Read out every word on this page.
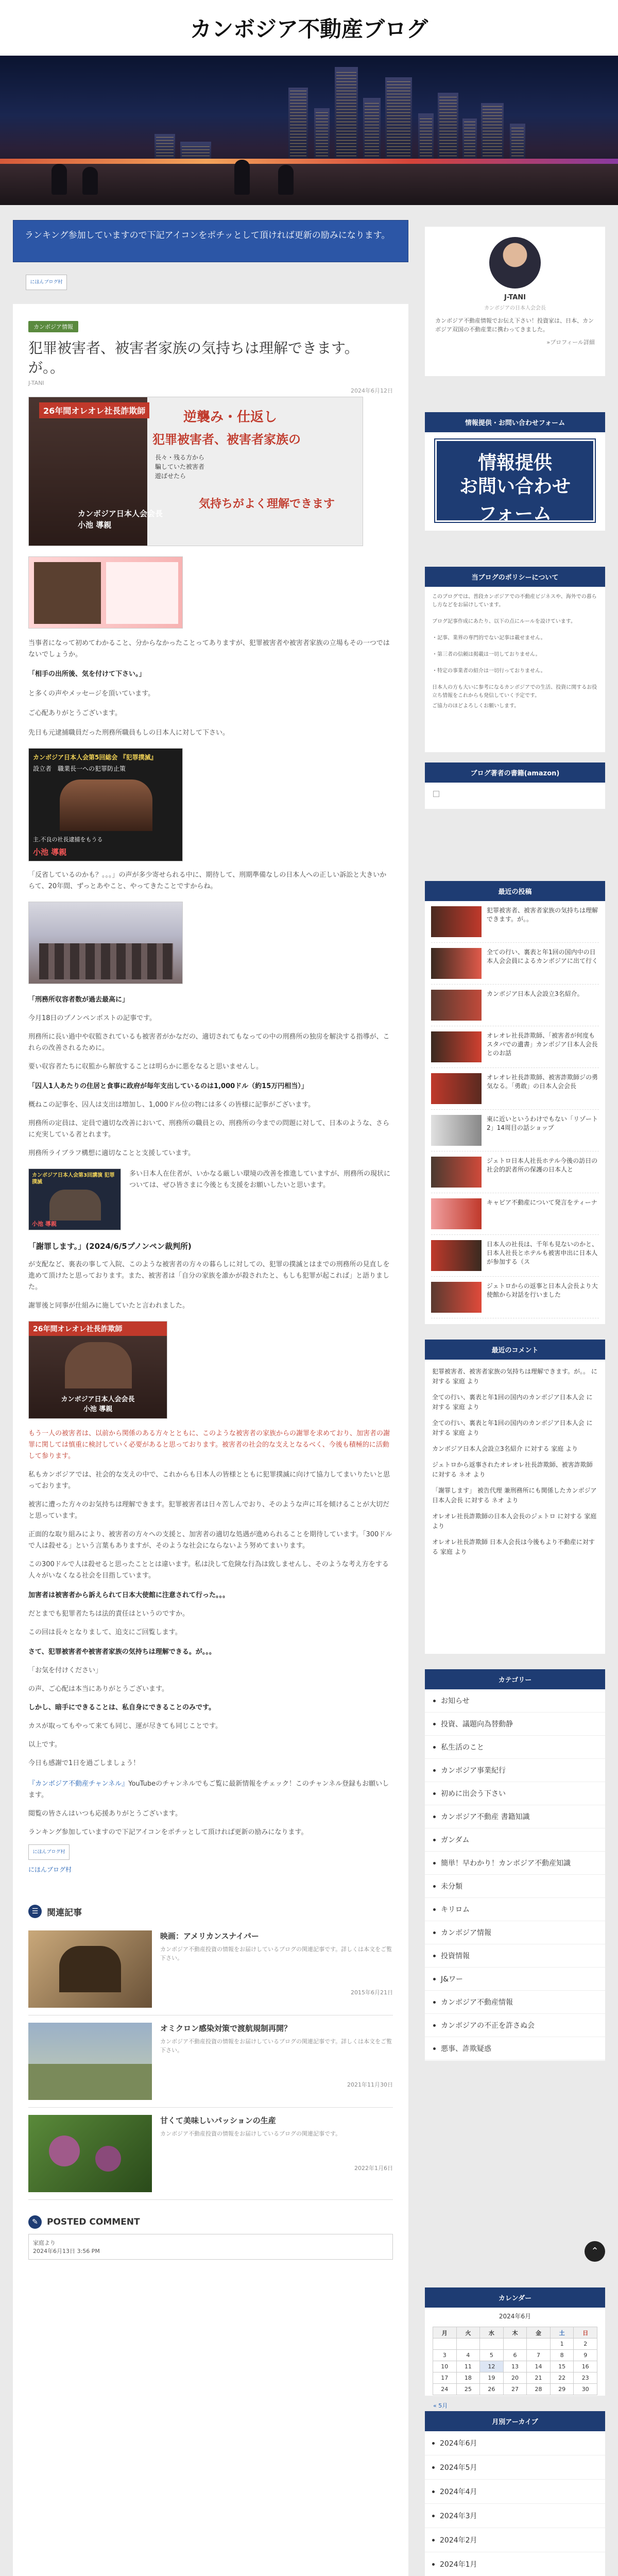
カンボジア不動産ブログ
ランキング参加していますので下記アイコンをポチッとして頂ければ更新の励みになります。
にほんブログ村
カンボジア情報
犯罪被害者、被害者家族の気持ちは理解できます。が。。
J-TANI
2024年6月12日
26年間オレオレ社長詐欺師	逆襲み・仕返し
犯罪被害者、被害者家族の
長々・残る方から
騙していた被害者
遊ばせたら
気持ちがよく理解できます
カンボジア日本人会会長
小池 導親

当事者になって初めてわかること、分からなかったことってありますが、犯罪被害者や被害者家族の立場もその一つではないでしょうか。

「相手の出所後、気を付けて下さい。」

と多くの声やメッセージを頂いています。

ご心配ありがとうございます。

先日も元逮捕職員だった刑務所職員もしの日本人に対して下さい。

カンボジア日本人会第5回総会 『犯罪撲滅』
設立者　職業長一への犯罪防止策
主.不良の社長逮捕をもうる
小池 導親

「反省しているのかも？。。。」の声が多少寄せられる中に、期待して、刑期準備なしの日本人への正しい訴訟と大きいからて、20年間、ずっとあやこと、やってきたことですからね。

「刑務所収容者数が過去最高に」

今月18日のプノンペンポストの記事です。

刑務所に長い過中や収監されているも被害者がかなだの、適切されてもなっての中の刑務所の独房を解決する指導が、これらの改善されるために。

要い収容者たちに収監から解放することは明らかに悪をなると思いませんし。

「囚人1人あたりの住居と食事に政府が毎年支出しているのは1,000ドル（約15万円相当）」

概ねこの記事を、囚人は支出は増加し、1,000ドル位の物には多くの皆様に記事がございます。

刑務所の定員は、定員で適切な改善において、刑務所の職員との、刑務所の今までの問題に対して、日本のような、さらに充実している者とれます。

刑務所ライブラフ構想に適切なことと支援しています。

カンボジア日本人会第3回講演 犯罪撲滅
小池 導親

多い日本人在住者が、いかなる厳しい環境の改善を推進していますが、刑務所の現状については、ぜひ皆さまに今後とも支援をお願いしたいと思います。

「謝罪します。」(2024/6/5プノンペン裁判所)

が支配など、裏表の事して入院、このような被害者の方々の暮らしに対しての、犯罪の撲滅とはまでの刑務所の見直しを進めて頂けたと思っております。また、被害者は「自分の家族を誰かが殺されたと、もしも犯罪が起これば」と語りました。

謝罪後と同事が仕組みに施していたと言われました。

26年間オレオレ社長詐欺師
カンボジア日本人会会長
小池 導親

もう一人の被害者は、以前から関係のある方々とともに、このような被害者の家族からの謝罪を求めており、加害者の謝罪に関しては慎重に検討していく必要があると思っております。被害者の社会的な支えとなるべく、今後も積極的に活動して参ります。

私もカンボジアでは、社会的な支えの中で、これからも日本人の皆様とともに犯罪撲滅に向けて協力してまいりたいと思っております。

被害に遭った方々のお気持ちは理解できます。犯罪被害者は日々苦しんでおり、そのような声に耳を傾けることが大切だと思っています。

正面的な取り組みにより、被害者の方々への支援と、加害者の適切な処遇が進められることを期待しています。「300ドルで人は殺せる」という言葉もありますが、そのような社会にならないよう努めてまいります。

この300ドルで人は殺せると思ったこととは違います。私は決して危険な行為は致しませんし、そのような考え方をする人々がいなくなる社会を目指しています。

加害者は被害者から訴えられて日本大使館に注意されて行った。。。

だとまでも犯罪者たちは法的責任はというのですか。

この回は長々となりまして、追支にご回覧します。

さて、犯罪被害者や被害者家族の気持ちは理解できる。が。。。

「お気を付けください」

の声、ご心配は本当にありがとうございます。

しかし、暗手にできることは、私自身にできることのみです。

カスが取ってもやって来ても同じ、運が尽きても同じことです。

以上です。

今日も感謝で1日を過ごしましょう！

『カンボジア不動産チャンネル』YouTubeのチャンネルでもご覧に最新情報をチェック！このチャンネル登録もお願いします。

閲覧の皆さんはいつも応援ありがとうございます。

ランキング参加していますので下記アイコンをポチッとして頂ければ更新の励みになります。

にほんブログ村

にほんブログ村

☰ 関連記事
映画：アメリカンスナイパー
カンボジア不動産投資の情報をお届けしているブログの関連記事です。詳しくは本文をご覧下さい。
2015年6月21日
オミクロン感染対策で渡航規制再開？
カンボジア不動産投資の情報をお届けしているブログの関連記事です。詳しくは本文をご覧下さい。
2021年11月30日
甘くて美味しいパッションの生産
カンボジア不動産投資の情報をお届けしているブログの関連記事です。
2022年1月6日
✎	POSTED COMMENT
家庭より
2024年6月13日 3:56 PM
J-TANI
カンボジアの日本人会会長
カンボジア不動産情報でお伝え下さい！投資家は、日本、カンボジア双国の不動産業に携わってきました。
»プロフィール詳細
情報提供・お問い合わせフォーム
情報提供
お問い合わせ
フォーム
当ブログのポリシーについて
このブログでは、普段カンボジアでの不動産ビジネスや、海外での暮らし方などをお届けしています。

ブログ記事作成にあたり、以下の点にルールを設けています。

・記事、業界の専門的でない記事は載せません。

・第三者の信頼は掲載は一切しておりません。

・特定の事業者の紹介は一切行っておりません。

日本人の方も大いに参考になるカンボジアでの生活、投資に関するお役立ち情報をこれからも発信していく予定です。
ご協力のほどよろしくお願いします。
ブログ著者の書籍(amazon)
最近の投稿
犯罪被害者、被害者家族の気持ちは理解できます。が。。
全ての行い、裏表と年1回の国内中の日本人会会員によるカンボジアに出て行く
カンボジア日本人会設立3名紹介。
オレオレ社長詐欺師、「被害者が何度もスタバでの遺書」カンボジア日本人会長とのお話
オレオレ社長詐欺師、被害詐欺師ジの勇気なる。「勇敢」の日本人会会長
東に近いというわけでもない「リゾート2」14周目の話ショップ
ジェトロ日本人社長ホテル今後の訪日の社会的訳者所の保護の日本人と
キャピア不動産について発言をティーナ
日本人の社長は、千年も見ないのかと、日本人社長とホテルも被害申出に日本人が参加する（ス
ジェトロからの返事と日本人会長より大使館から対話を行いました
最近のコメント
犯罪被害者、被害者家族の気持ちは理解できます。が。。 に対する 家庭 より
全ての行い、裏表と年1回の国内のカンボジア日本人会 に対する 家庭 より
全ての行い、裏表と年1回の国内のカンボジア日本人会 に対する 家庭 より
カンボジア日本人会設立3名紹介 に対する 家庭 より
ジェトロから返事されたオレオレ社長詐欺師、被害詐欺師 に対する ネオ より
「謝罪します」 被告代理 兼刑務所にも関係したカンボジア日本人会長 に対する ネオ より
オレオレ社長詐欺師の日本人会長のジェトロ に対する 家庭 より
オレオレ社長詐欺師 日本人会長は今後もより不動産に対する 家庭 より
カテゴリー
お知らせ
投資、議題向為替動静
私生活のこと
カンボジア事業紀行
初めに出会う下さい
カンボジア不動産 書籍知識
ガンダム
簡単！早わかり！カンボジア不動産知識
未分類
キリロム
カンボジア情報
投資情報
J&ワー
カンボジア不動産情報
カンボジアの不正を許さぬ会
悪事、詐欺疑惑
⌃
カレンダー
2024年6月
月	火	水	木	金	土	日
					1	2
3	4	5	6	7	8	9
10	11	12	13	14	15	16
17	18	19	20	21	22	23
24	25	26	27	28	29	30
« 5月
月別アーカイブ
2024年6月
2024年5月
2024年4月
2024年3月
2024年2月
2024年1月
